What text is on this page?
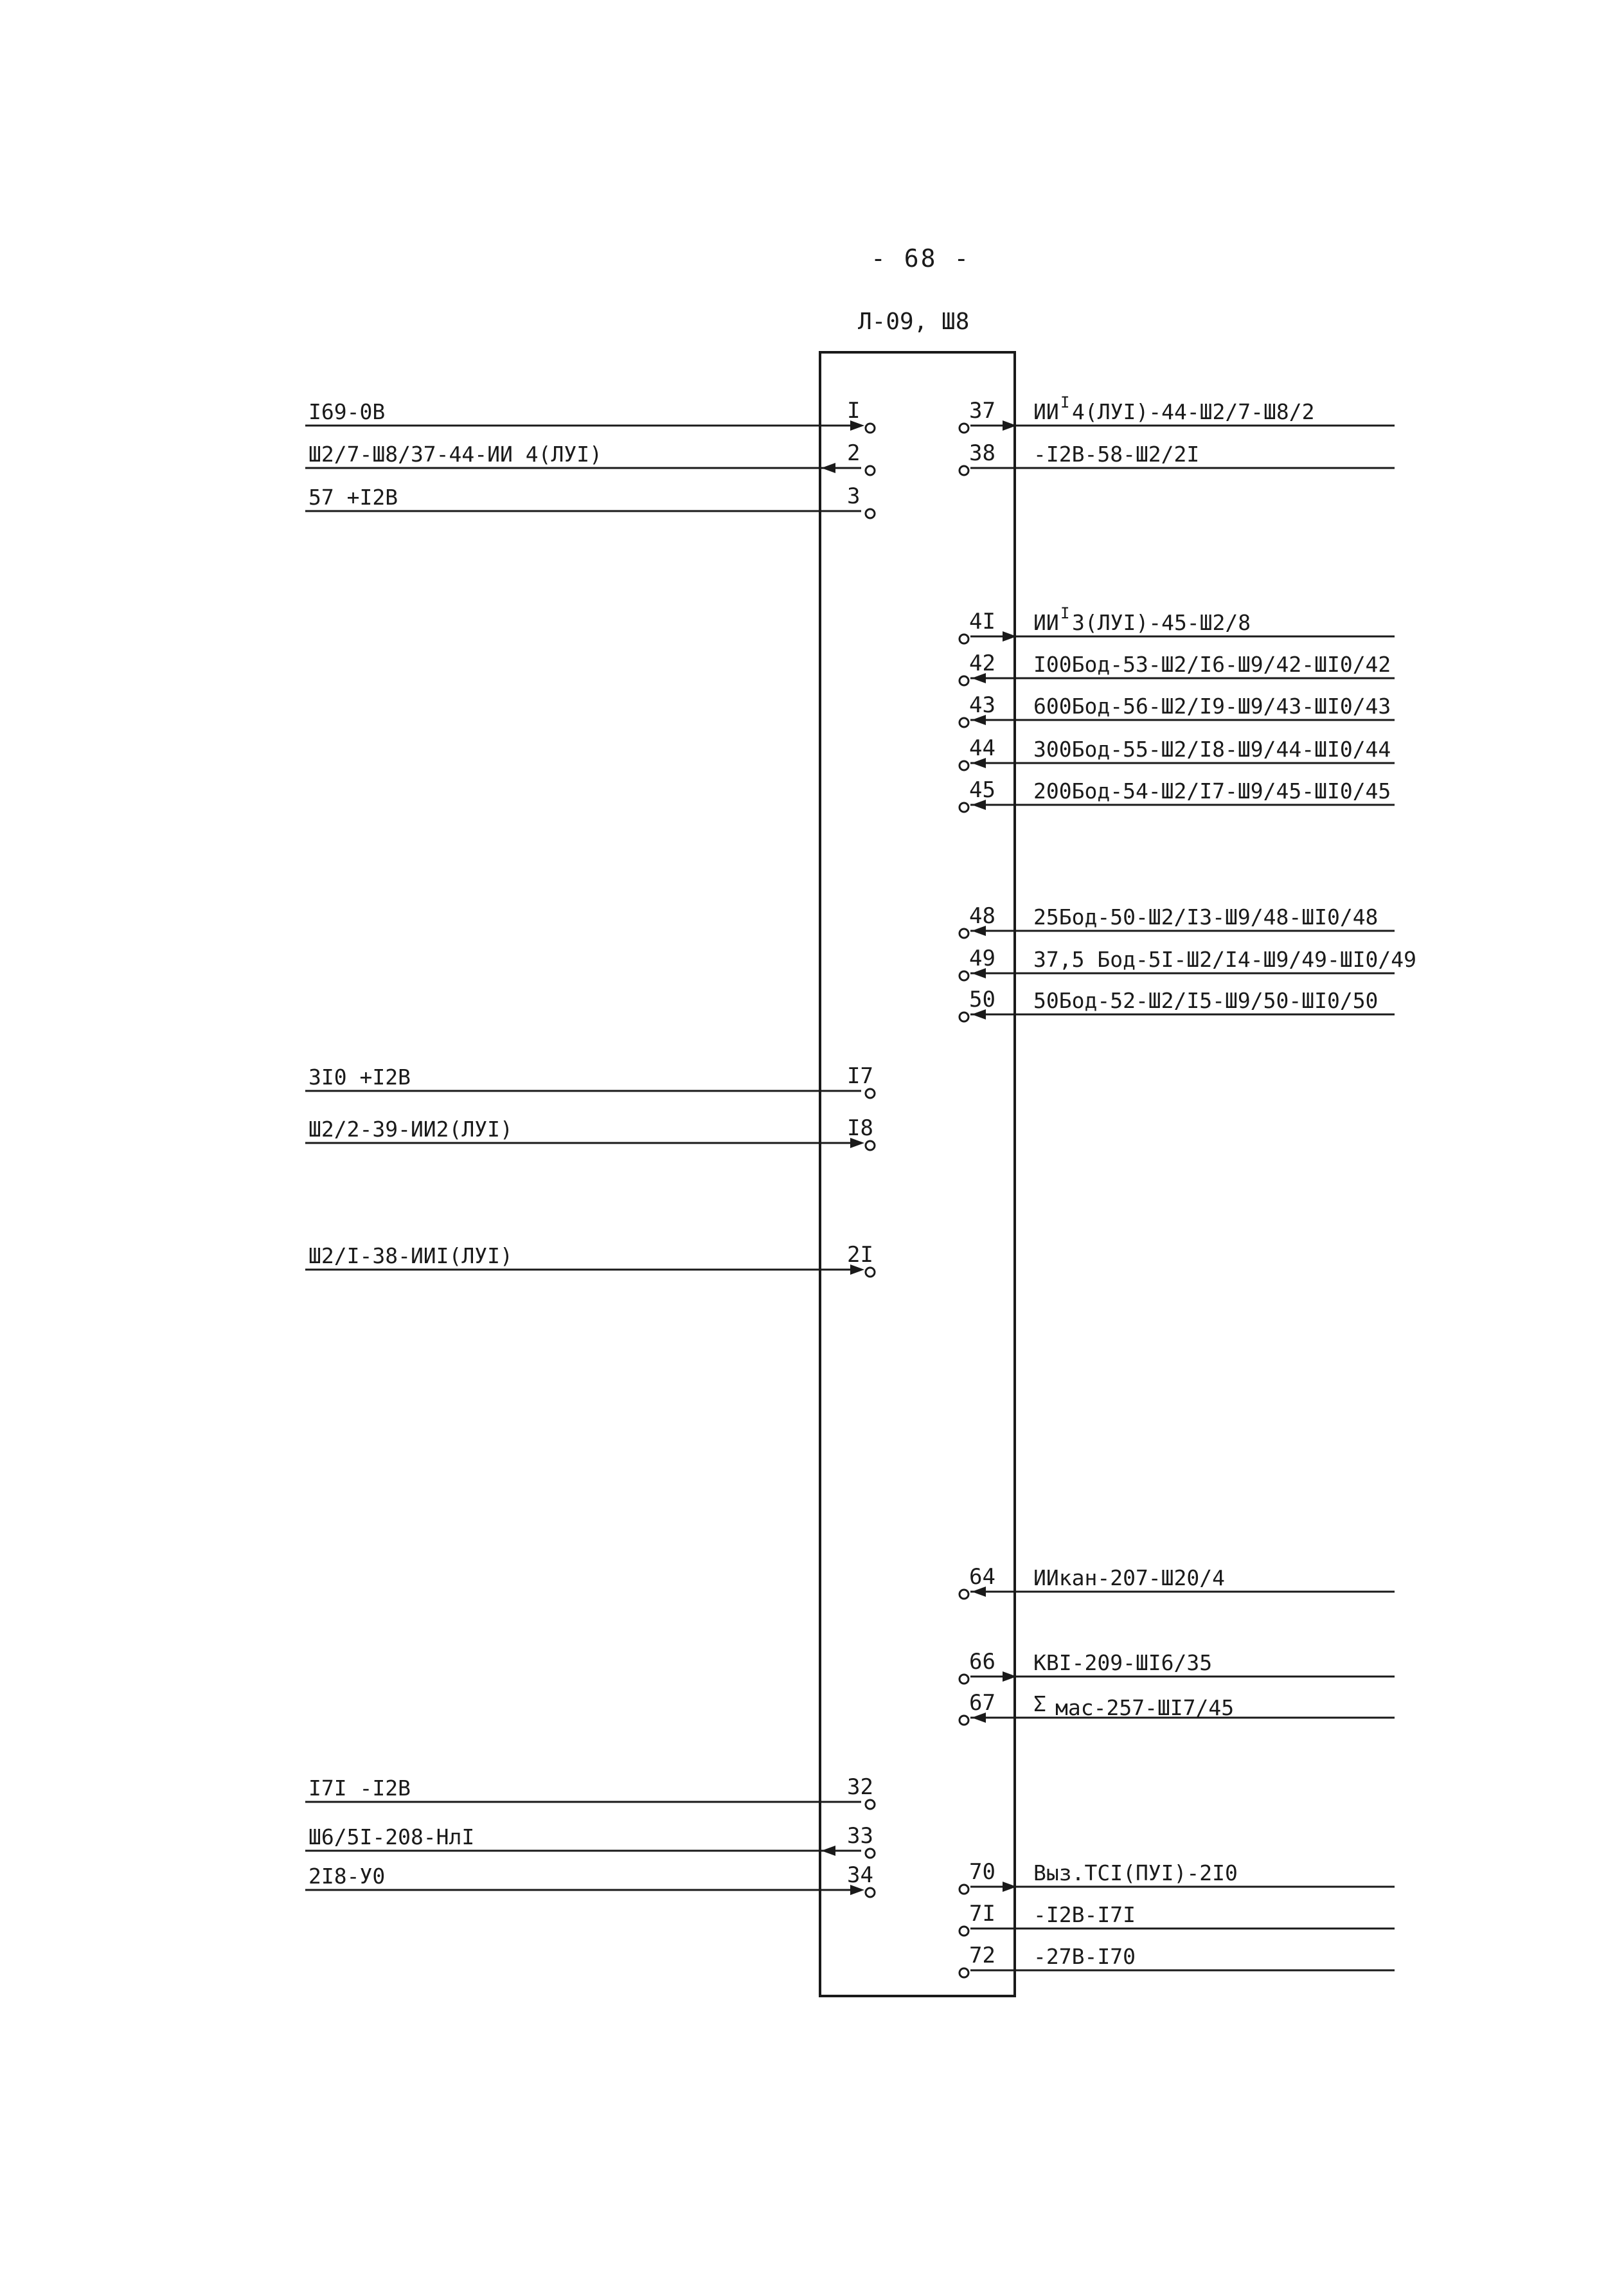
- 68 -
Л-09, Ш8
I69-0В	I
Ш2/7-Ш8/37-44-ИИ 4(ЛУI)	2
57 +I2В	3
3I0 +I2В	I7
Ш2/2-39-ИИ2(ЛУI)	I8
Ш2/I-38-ИИI(ЛУI)	2I
I7I -I2В	32
Ш6/5I-208-НлI	33
2I8-У0	34
37 ИИ I 4(ЛУI)-44-Ш2/7-Ш8/2
38 -I2В-58-Ш2/2I
4I ИИ I 3(ЛУI)-45-Ш2/8
42 I00Бод-53-Ш2/I6-Ш9/42-ШI0/42
43 600Бод-56-Ш2/I9-Ш9/43-ШI0/43
44 300Бод-55-Ш2/I8-Ш9/44-ШI0/44
45 200Бод-54-Ш2/I7-Ш9/45-ШI0/45
48 25Бод-50-Ш2/I3-Ш9/48-ШI0/48
49 37,5 Бод-5I-Ш2/I4-Ш9/49-ШI0/49
50 50Бод-52-Ш2/I5-Ш9/50-ШI0/50
64 ИИкан-207-Ш20/4
66 КВI-209-ШI6/35
67 Σ мас-257-ШI7/45
70 Выз.ТСI(ПУI)-2I0
7I -I2В-I7I
72 -27В-I70
